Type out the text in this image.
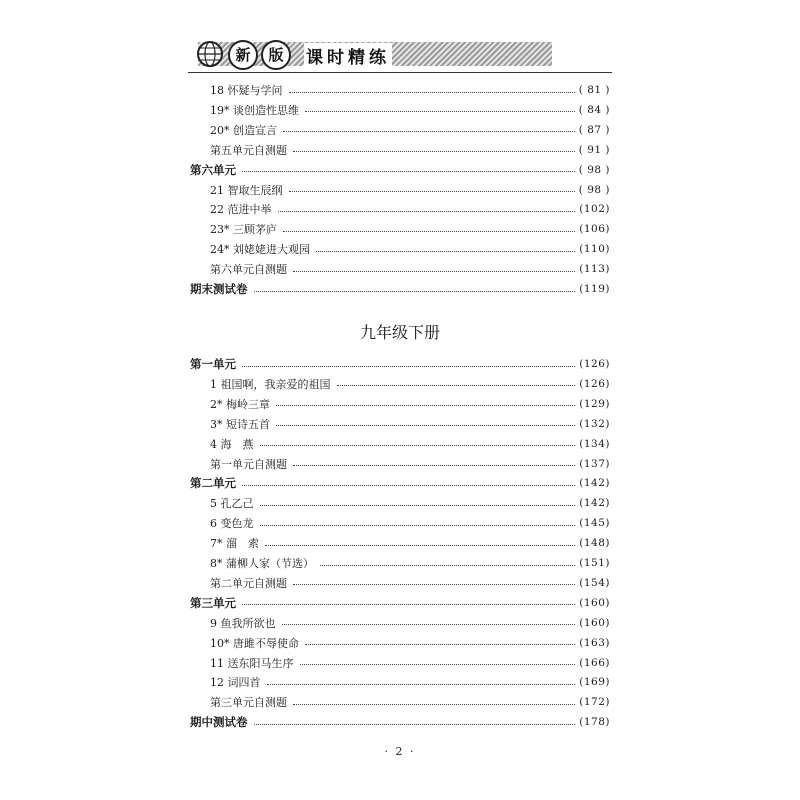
新	版	课时精练
18 怀疑与学问	( 81 )
19* 谈创造性思维	( 84 )
20* 创造宣言	( 87 )
第五单元自测题	( 91 )
第六单元	( 98 )
21 智取生辰纲	( 98 )
22 范进中举	(102)
23* 三顾茅庐	(106)
24* 刘姥姥进大观园	(110)
第六单元自测题	(113)
期末测试卷	(119)
九年级下册
第一单元	(126)
1 祖国啊，我亲爱的祖国	(126)
2* 梅岭三章	(129)
3* 短诗五首	(132)
4 海　燕	(134)
第一单元自测题	(137)
第二单元	(142)
5 孔乙己	(142)
6 变色龙	(145)
7* 溜　索	(148)
8* 蒲柳人家（节选）	(151)
第二单元自测题	(154)
第三单元	(160)
9 鱼我所欲也	(160)
10* 唐雎不辱使命	(163)
11 送东阳马生序	(166)
12 词四首	(169)
第三单元自测题	(172)
期中测试卷	(178)
· 2 ·
